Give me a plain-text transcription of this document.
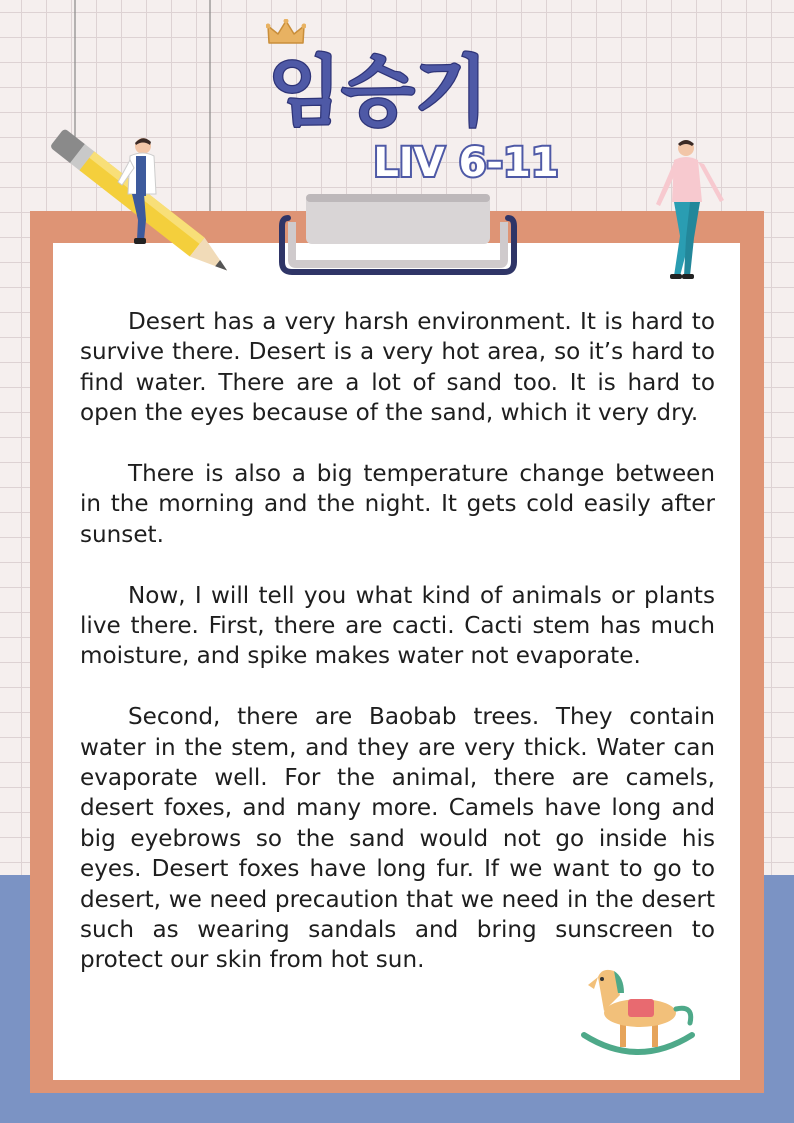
임승기
LIV 6-11

Desert has a very harsh environment. It is hard to survive there. Desert is a very hot area, so it’s hard to find water. There are a lot of sand too. It is hard to open the eyes because of the sand, which it very dry.

There is also a big temperature change between in the morning and the night. It gets cold easily after sunset.

Now, I will tell you what kind of animals or plants live there. First, there are cacti. Cacti stem has much moisture, and spike makes water not evaporate.

Second, there are Baobab trees. They contain water in the stem, and they are very thick. Water can evaporate well. For the animal, there are camels, desert foxes, and many more. Camels have long and big eyebrows so the sand would not go inside his eyes. Desert foxes have long fur. If we want to go to desert, we need precaution that we need in the desert such as wearing sandals and bring sunscreen to protect our skin from hot sun.
